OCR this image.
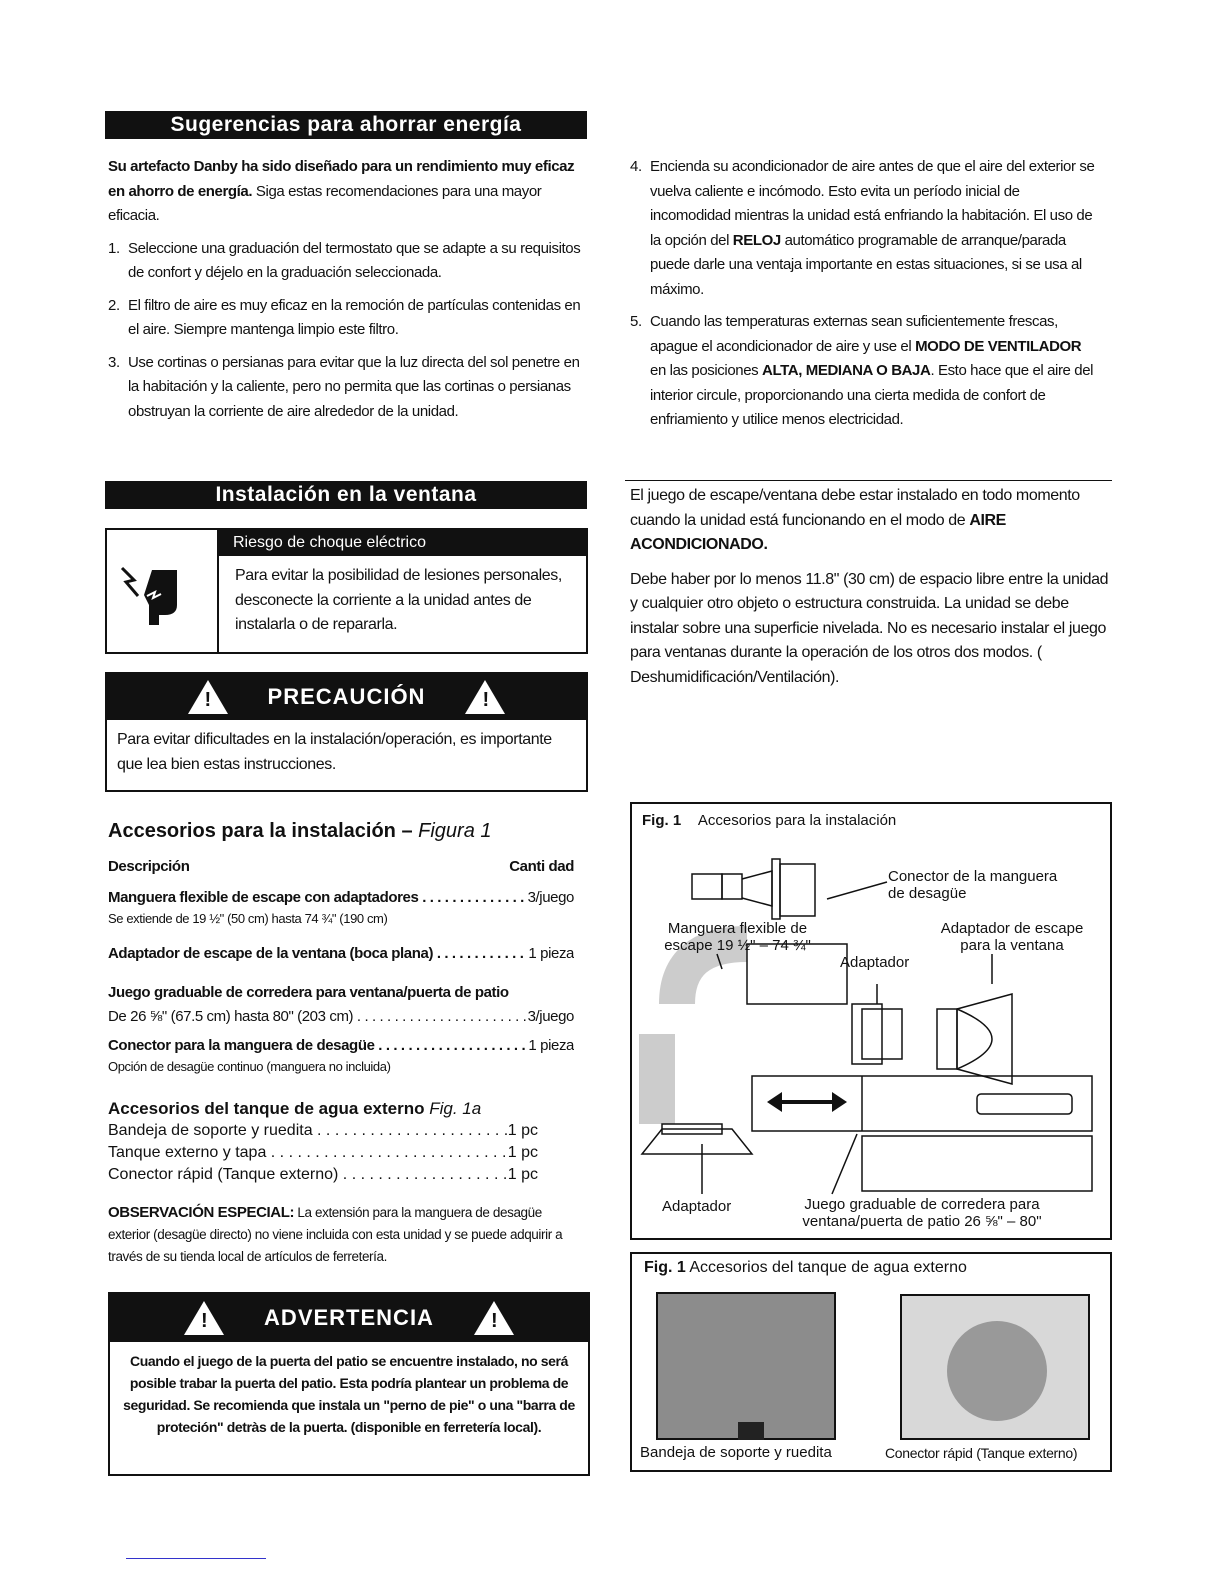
Sugerencias para ahorrar energía

Su artefacto Danby ha sido diseñado para un rendimiento muy eficaz en ahorro de energía. Siga estas recomendaciones para una mayor eficacia.

1. Seleccione una graduación del termostato que se adapte a su requisitos de confort y déjelo en la graduación seleccionada.
2. El filtro de aire es muy eficaz en la remoción de partículas contenidas en el aire. Siempre mantenga limpio este filtro.
3. Use cortinas o persianas para evitar que la luz directa del sol penetre en la habitación y la caliente, pero no permita que las cortinas o persianas obstruyan la corriente de aire alrededor de la unidad.
4. Encienda su acondicionador de aire antes de que el aire del exterior se vuelva caliente e incómodo. Esto evita un período inicial de incomodidad mientras la unidad está enfriando la habitación. El uso de la opción del RELOJ automático programable de arranque/parada puede darle una ventaja importante en estas situaciones, si se usa al máximo.
5. Cuando las temperaturas externas sean suficientemente frescas, apague el acondicionador de aire y use el MODO DE VENTILADOR en las posiciones ALTA, MEDIANA O BAJA. Esto hace que el aire del interior circule, proporcionando una cierta medida de confort de enfriamiento y utilice menos electricidad.
Instalación en la ventana
Riesgo de choque eléctrico
Para evitar la posibilidad de lesiones personales, desconecte la corriente a la unidad antes de instalarla o de repararla.
!	PRECAUCIÓN	!
Para evitar dificultades en la instalación/operación, es importante que lea bien estas instrucciones.

El juego de escape/ventana debe estar instalado en todo momento cuando la unidad está funcionando en el modo de AIRE ACONDICIONADO.

Debe haber por lo menos 11.8" (30 cm) de espacio libre entre la unidad y cualquier otro objeto o estructura construida. La unidad se debe instalar sobre una superficie nivelada. No es necesario instalar el juego para ventanas durante la operación de los otros dos modos. ( Deshumidificación/Ventilación).

Accesorios para la instalación – Figura 1
Descripción	Canti dad
Manguera flexible de escape con adaptadores . . .	3/juego
Se extiende de 19 ½" (50 cm) hasta 74 ¾" (190 cm)
Adaptador de escape de la ventana (boca plana) . . .	1 pieza
Juego graduable de corredera para ventana/puerta de patio
De 26 ⅝" (67.5 cm) hasta 80" (203 cm) . . .	3/juego
Conector para la manguera de desagüe . . .	1 pieza
Opción de desagüe continuo (manguera no incluida)
Accesorios del tanque de agua externo Fig. 1a
Bandeja de soporte y ruedita . . .	1 pc
Tanque externo y tapa . . .	1 pc
Conector rápid (Tanque externo) . . .	1 pc
OBSERVACIÓN ESPECIAL: La extensión para la manguera de desagüe exterior (desagüe directo) no viene incluida con esta unidad y se puede adquirir a través de su tienda local de artículos de ferretería.
!	ADVERTENCIA	!
Cuando el juego de la puerta del patio se encuentre instalado, no será posible trabar la puerta del patio. Esta podría plantear un problema de seguridad. Se recomienda que instala un "perno de pie" o una "barra de proteción" detràs de la puerta. (disponible en ferretería local).
Fig. 1 Accesorios para la instalación
Conector de la manguera de desagüe
Manguera flexible de escape 19 ½" – 74 ¾"
Adaptador de escape para la ventana
Adaptador
Adaptador	Juego graduable de corredera para ventana/puerta de patio 26 ⅝" – 80"
Fig. 1 Accesorios del tanque de agua externo
Bandeja de soporte y ruedita	Conector rápid (Tanque externo)
